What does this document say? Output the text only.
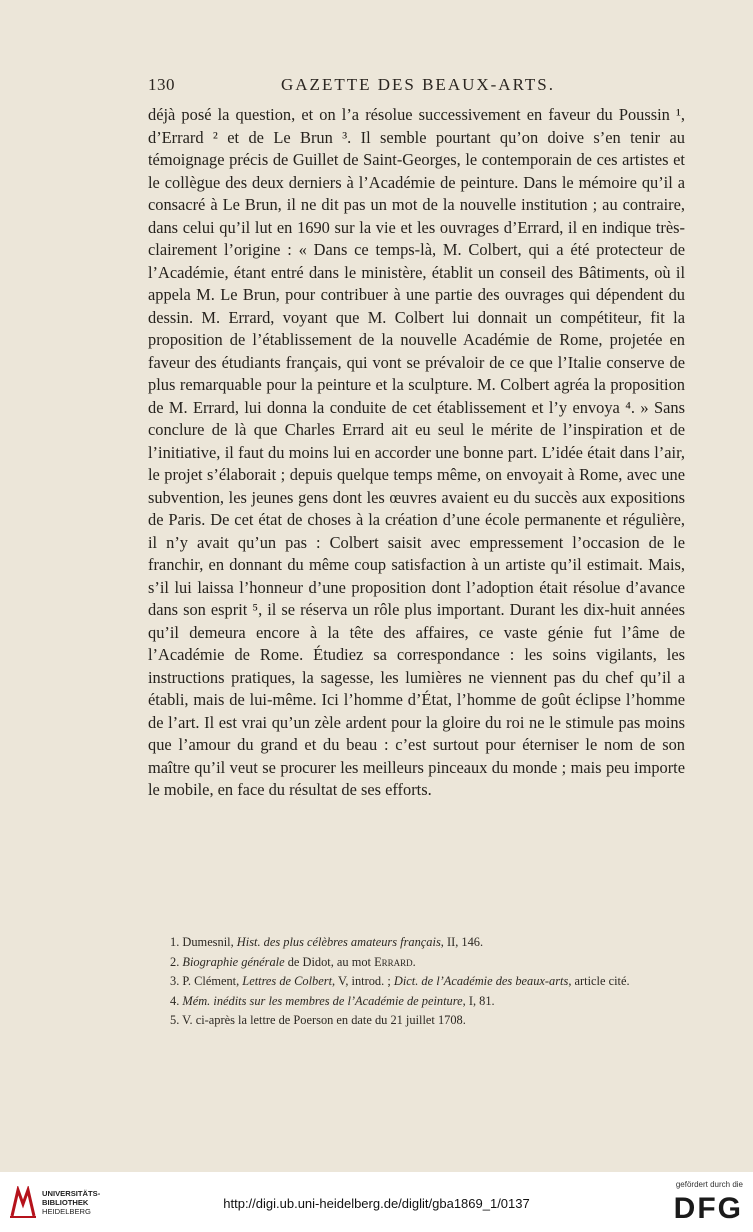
130	GAZETTE DES BEAUX-ARTS.

déjà posé la question, et on l’a résolue successivement en faveur du Poussin ¹, d’Errard ² et de Le Brun ³. Il semble pourtant qu’on doive s’en tenir au témoignage précis de Guillet de Saint-Georges, le contemporain de ces artistes et le collègue des deux derniers à l’Académie de peinture. Dans le mémoire qu’il a consacré à Le Brun, il ne dit pas un mot de la nouvelle institution ; au contraire, dans celui qu’il lut en 1690 sur la vie et les ouvrages d’Errard, il en indique très-clairement l’origine : « Dans ce temps-là, M. Colbert, qui a été protecteur de l’Académie, étant entré dans le ministère, établit un conseil des Bâtiments, où il appela M. Le Brun, pour contribuer à une partie des ouvrages qui dépendent du dessin. M. Errard, voyant que M. Colbert lui donnait un compétiteur, fit la proposition de l’établissement de la nouvelle Académie de Rome, projetée en faveur des étudiants français, qui vont se prévaloir de ce que l’Italie conserve de plus remarquable pour la peinture et la sculpture. M. Colbert agréa la proposition de M. Errard, lui donna la conduite de cet établissement et l’y envoya ⁴. » Sans conclure de là que Charles Errard ait eu seul le mérite de l’inspiration et de l’initiative, il faut du moins lui en accorder une bonne part. L’idée était dans l’air, le projet s’élaborait ; depuis quelque temps même, on envoyait à Rome, avec une subvention, les jeunes gens dont les œuvres avaient eu du succès aux expositions de Paris. De cet état de choses à la création d’une école permanente et régulière, il n’y avait qu’un pas : Colbert saisit avec empressement l’occasion de le franchir, en donnant du même coup satisfaction à un artiste qu’il estimait. Mais, s’il lui laissa l’honneur d’une proposition dont l’adoption était résolue d’avance dans son esprit ⁵, il se réserva un rôle plus important. Durant les dix-huit années qu’il demeura encore à la tête des affaires, ce vaste génie fut l’âme de l’Académie de Rome. Étudiez sa correspondance : les soins vigilants, les instructions pratiques, la sagesse, les lumières ne viennent pas du chef qu’il a établi, mais de lui-même. Ici l’homme d’État, l’homme de goût éclipse l’homme de l’art. Il est vrai qu’un zèle ardent pour la gloire du roi ne le stimule pas moins que l’amour du grand et du beau : c’est surtout pour éterniser le nom de son maître qu’il veut se procurer les meilleurs pinceaux du monde ; mais peu importe le mobile, en face du résultat de ses efforts.

1. Dumesnil, Hist. des plus célèbres amateurs français, II, 146.

2. Biographie générale de Didot, au mot Errard.

3. P. Clément, Lettres de Colbert, V, introd. ; Dict. de l’Académie des beaux-arts, article cité.

4. Mém. inédits sur les membres de l’Académie de peinture, I, 81.

5. V. ci-après la lettre de Poerson en date du 21 juillet 1708.

UNIVERSITÄTS-
BIBLIOTHEK
HEIDELBERG
http://digi.ub.uni-heidelberg.de/diglit/gba1869_1/0137
gefördert durch die
DFG
